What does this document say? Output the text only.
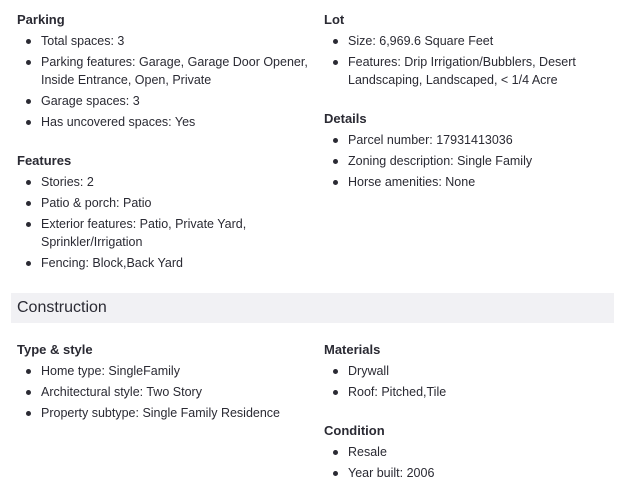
Parking
Total spaces: 3
Parking features: Garage, Garage Door Opener, Inside Entrance, Open, Private
Garage spaces: 3
Has uncovered spaces: Yes
Features
Stories: 2
Patio & porch: Patio
Exterior features: Patio, Private Yard, Sprinkler/Irrigation
Fencing: Block,Back Yard
Lot
Size: 6,969.6 Square Feet
Features: Drip Irrigation/Bubblers, Desert Landscaping, Landscaped, < 1/4 Acre
Details
Parcel number: 17931413036
Zoning description: Single Family
Horse amenities: None
Construction
Type & style
Home type: SingleFamily
Architectural style: Two Story
Property subtype: Single Family Residence
Materials
Drywall
Roof: Pitched,Tile
Condition
Resale
Year built: 2006
